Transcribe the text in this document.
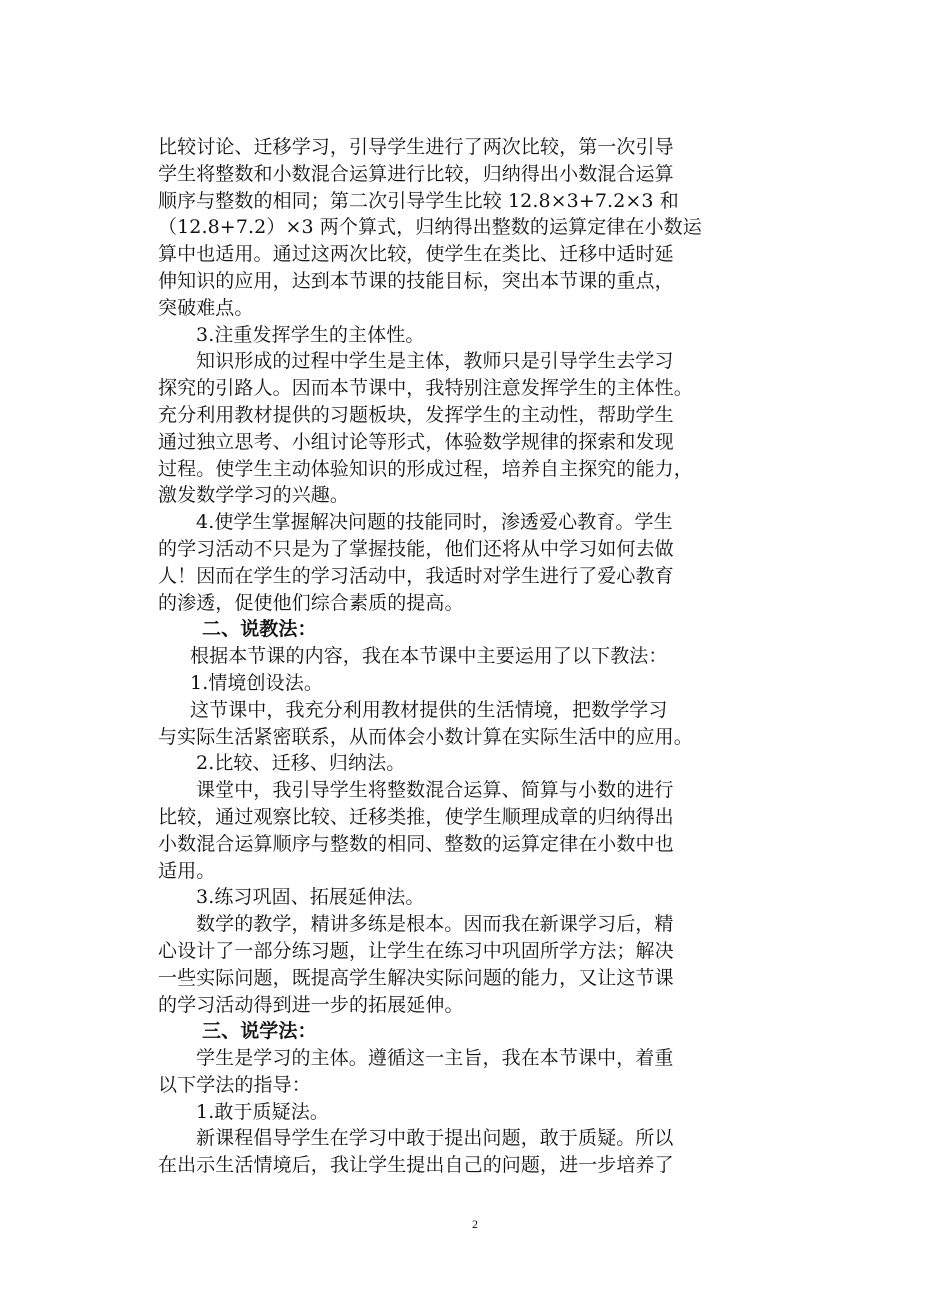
比较讨论、迁移学习，引导学生进行了两次比较，第一次引导
学生将整数和小数混合运算进行比较，归纳得出小数混合运算
顺序与整数的相同；第二次引导学生比较 12.8×3+7.2×3 和
（12.8+7.2）×3 两个算式，归纳得出整数的运算定律在小数运
算中也适用。通过这两次比较，使学生在类比、迁移中适时延
伸知识的应用，达到本节课的技能目标，突出本节课的重点，
突破难点。
3.注重发挥学生的主体性。
知识形成的过程中学生是主体，教师只是引导学生去学习
探究的引路人。因而本节课中，我特别注意发挥学生的主体性。
充分利用教材提供的习题板块，发挥学生的主动性，帮助学生
通过独立思考、小组讨论等形式，体验数学规律的探索和发现
过程。使学生主动体验知识的形成过程，培养自主探究的能力，
激发数学学习的兴趣。
4.使学生掌握解决问题的技能同时，渗透爱心教育。学生
的学习活动不只是为了掌握技能，他们还将从中学习如何去做
人！因而在学生的学习活动中，我适时对学生进行了爱心教育
的渗透，促使他们综合素质的提高。
二、说教法：
根据本节课的内容，我在本节课中主要运用了以下教法：
1.情境创设法。
这节课中，我充分利用教材提供的生活情境，把数学学习
与实际生活紧密联系，从而体会小数计算在实际生活中的应用。
2.比较、迁移、归纳法。
课堂中，我引导学生将整数混合运算、简算与小数的进行
比较，通过观察比较、迁移类推，使学生顺理成章的归纳得出
小数混合运算顺序与整数的相同、整数的运算定律在小数中也
适用。
3.练习巩固、拓展延伸法。
数学的教学，精讲多练是根本。因而我在新课学习后，精
心设计了一部分练习题，让学生在练习中巩固所学方法；解决
一些实际问题，既提高学生解决实际问题的能力，又让这节课
的学习活动得到进一步的拓展延伸。
三、说学法：
学生是学习的主体。遵循这一主旨，我在本节课中，着重
以下学法的指导：
1.敢于质疑法。
新课程倡导学生在学习中敢于提出问题，敢于质疑。所以
在出示生活情境后，我让学生提出自己的问题，进一步培养了
2
